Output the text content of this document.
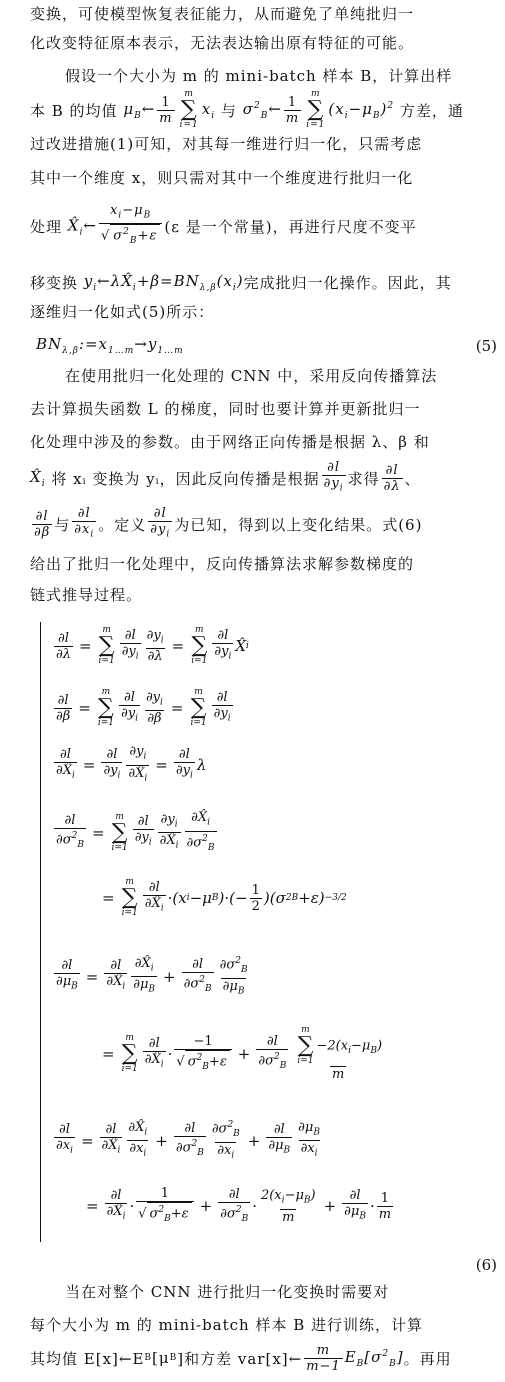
变换，可使模型恢复表征能力，从而避免了单纯批归一
化改变特征原本表示，无法表达输出原有特征的可能。
假设一个大小为 m 的 mini-batch 样本 B，计算出样
本 B 的均值 $\mu_B\leftarrow \frac{1}{m}$
m
∑
i=1
$x_i$ 与 $\sigma^2_B\leftarrow \frac{1}{m}$
m
∑
i=1
$(x_i-\mu_B)^2$ 方差，通
过改进措施(1)可知，对其每一维进行归一化，只需考虑
其中一个维度 x，则只需对其中一个维度进行批归一化
处理 $X̂_i\leftarrow \frac{x_i-\mu_B}{√ \sigma^2_B+\varepsilon} (\varepsilon$ 是一个常量)，再进行尺度不变平
移变换 $y_i\leftarrow\lambda X̂_i+\beta=BN_{\lambda,\beta}(x_i)$ 完成批归一化操作。因此，其
逐维归一化如式(5)所示：
$BN_{\lambda,\beta}:=x_{1\dots m}\to y_{1\dots m}$	(5)
在使用批归一化处理的 CNN 中，采用反向传播算法
去计算损失函数 L 的梯度，同时也要计算并更新批归一
化处理中涉及的参数。由于网络正向传播是根据 λ、β 和
$X̂_i$ 将 xᵢ 变换为 yᵢ，因此反向传播是根据 $\frac{\partial l}{\partial y_i}$ 求得 $\frac{\partial l}{\partial\lambda}$ 、
$\frac{\partial l}{\partial\beta}$ 与 $\frac{\partial l}{\partial x_i}$ 。定义 $\frac{\partial l}{\partial y_i}$ 为已知，得到以上变化结果。式(6)
给出了批归一化处理中，反向传播算法求解参数梯度的
链式推导过程。
$\frac{\partial l}{\partial\lambda}$ =
m
∑
$i=1 \frac{\partial l}{\partial y_i} \frac{\partial y_i}{\partial\lambda}$ =
m
∑
$i=1 \frac{\partial l}{\partial y_i}$ X̂ i
$\frac{\partial l}{\partial\beta}$ =
m
∑
$i=1 \frac{\partial l}{\partial y_i} \frac{\partial y_i}{\partial\beta}$ =
m
∑
$i=1 \frac{\partial l}{\partial y_i}$
$\frac{\partial l}{\partial X̂_i} = \frac{\partial l}{\partial y_i} \frac{\partial y_i}{\partial X̂_i} = \frac{\partial l}{\partial y_i}$ λ
$\frac{\partial l}{\partial\sigma^2_B}$ =
m
∑
$i=1 \frac{\partial l}{\partial y_i} \frac{\partial y_i}{\partial X̂_i} \frac{\partial X̂_i}{\partial\sigma^2_B}$
=
m
∑
$i=1 \frac{\partial l}{\partial X̂_i} \cdot(x$ i −μ B )·(− $\frac{1}{2} )(\sigma$ 2 B +ε) −3/2
$\frac{\partial l}{\partial\mu_B} = \frac{\partial l}{\partial X̂_i} \frac{\partial X̂_i}{\partial\mu_B} + \frac{\partial l}{\partial\sigma^2_B} \frac{\partial\sigma^2_B}{\partial\mu_B}$
=
m
∑
$i=1 \frac{\partial l}{\partial X̂_i} \cdot \frac{-1}{√ \sigma^2_B+\varepsilon} + \frac{\partial l}{\partial\sigma^2_B}$ m
∑
i=1
$-2(x_i-\mu_B)$
m
$\frac{\partial l}{\partial x_i} = \frac{\partial l}{\partial X̂_i} \frac{\partial X̂_i}{\partial x_i} + \frac{\partial l}{\partial\sigma^2_B} \frac{\partial\sigma^2_B}{\partial x_i} + \frac{\partial l}{\partial\mu_B} \frac{\partial\mu_B}{\partial x_i}$
= $\frac{\partial l}{\partial X̂_i} \cdot \frac{1}{√ \sigma^2_B+\varepsilon} + \frac{\partial l}{\partial\sigma^2_B} \cdot \frac{2(x_i-\mu_B)}{m} + \frac{\partial l}{\partial\mu_B} \cdot \frac{1}{m}$
(6)
当在对整个 CNN 进行批归一化变换时需要对
每个大小为 m 的 mini-batch 样本 B 进行训练，计算
其均值 E[x]←E B [μ B ]和方差 var[x]← $\frac{m}{m-1} E_B[\sigma^2_B]$ 。再用
